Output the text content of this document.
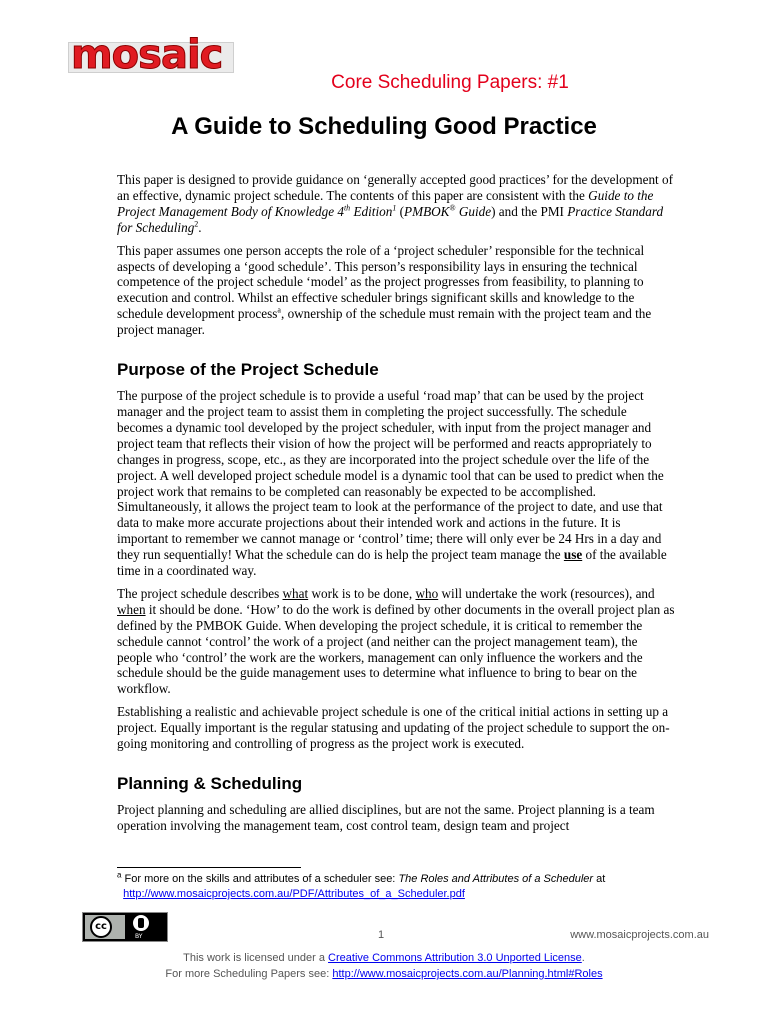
mosaic
Core Scheduling Papers: #1
A Guide to Scheduling Good Practice

This paper is designed to provide guidance on ‘generally accepted good practices’ for the development of an effective, dynamic project schedule. The contents of this paper are consistent with the Guide to the Project Management Body of Knowledge 4th Edition$^1$ (PMBOK® Guide) and the PMI Practice Standard for Scheduling$^2$.

This paper assumes one person accepts the role of a ‘project scheduler’ responsible for the technical aspects of developing a ‘good schedule’. This person’s responsibility lays in ensuring the technical competence of the project schedule ‘model’ as the project progresses from feasibility, to planning to execution and control. Whilst an effective scheduler brings significant skills and knowledge to the schedule development process$^a$, ownership of the schedule must remain with the project team and the project manager.

Purpose of the Project Schedule

The purpose of the project schedule is to provide a useful ‘road map’ that can be used by the project manager and the project team to assist them in completing the project successfully. The schedule becomes a dynamic tool developed by the project scheduler, with input from the project manager and project team that reflects their vision of how the project will be performed and reacts appropriately to changes in progress, scope, etc., as they are incorporated into the project schedule over the life of the project. A well developed project schedule model is a dynamic tool that can be used to predict when the project work that remains to be completed can reasonably be expected to be accomplished. Simultaneously, it allows the project team to look at the performance of the project to date, and use that data to make more accurate projections about their intended work and actions in the future. It is important to remember we cannot manage or ‘control’ time; there will only ever be 24 Hrs in a day and they run sequentially! What the schedule can do is help the project team manage the use of the available time in a coordinated way.

The project schedule describes what work is to be done, who will undertake the work (resources), and when it should be done. ‘How’ to do the work is defined by other documents in the overall project plan as defined by the PMBOK Guide. When developing the project schedule, it is critical to remember the schedule cannot ‘control’ the work of a project (and neither can the project management team), the people who ‘control’ the work are the workers, management can only influence the workers and the schedule should be the guide management uses to determine what influence to bring to bear on the workflow.

Establishing a realistic and achievable project schedule is one of the critical initial actions in setting up a project. Equally important is the regular statusing and updating of the project schedule to support the on-going monitoring and controlling of progress as the project work is executed.

Planning & Scheduling

Project planning and scheduling are allied disciplines, but are not the same. Project planning is a team operation involving the management team, cost control team, design team and project

$^a$ For more on the skills and attributes of a scheduler see: The Roles and Attributes of a Scheduler at
http://www.mosaicprojects.com.au/PDF/Attributes_of_a_Scheduler.pdf
cc
BY	1	www.mosaicprojects.com.au
This work is licensed under a Creative Commons Attribution 3.0 Unported License.
For more Scheduling Papers see: http://www.mosaicprojects.com.au/Planning.html#Roles
